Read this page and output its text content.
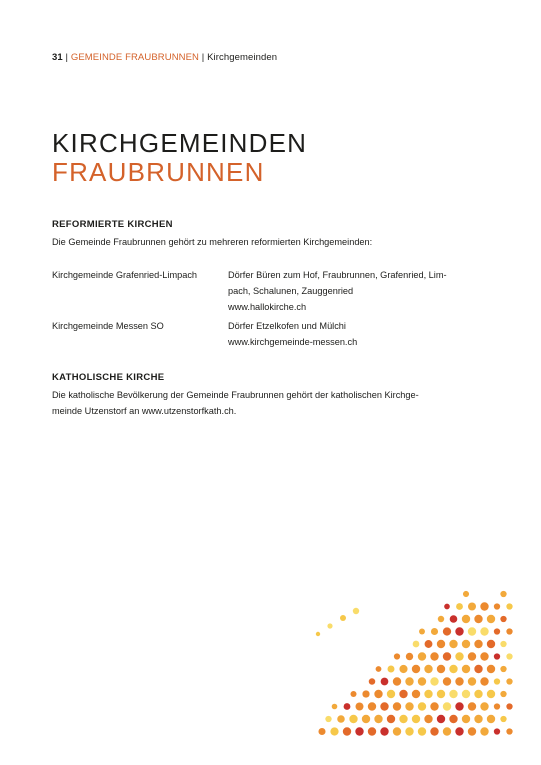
31 | GEMEINDE FRAUBRUNNEN | Kirchgemeinden
KIRCHGEMEINDEN
FRAUBRUNNEN
REFORMIERTE KIRCHEN
Die Gemeinde Fraubrunnen gehört zu mehreren reformierten Kirchgemeinden:
Kirchgemeinde Grafenried-Limpach	Dörfer Büren zum Hof, Fraubrunnen, Grafenried, Lim-
pach, Schalunen, Zauggenried
www.hallokirche.ch
Kirchgemeinde Messen SO	Dörfer Etzelkofen und Mülchi
www.kirchgemeinde-messen.ch
KATHOLISCHE KIRCHE
Die katholische Bevölkerung der Gemeinde Fraubrunnen gehört der katholischen Kirchge-
meinde Utzenstorf an www.utzenstorfkath.ch.
